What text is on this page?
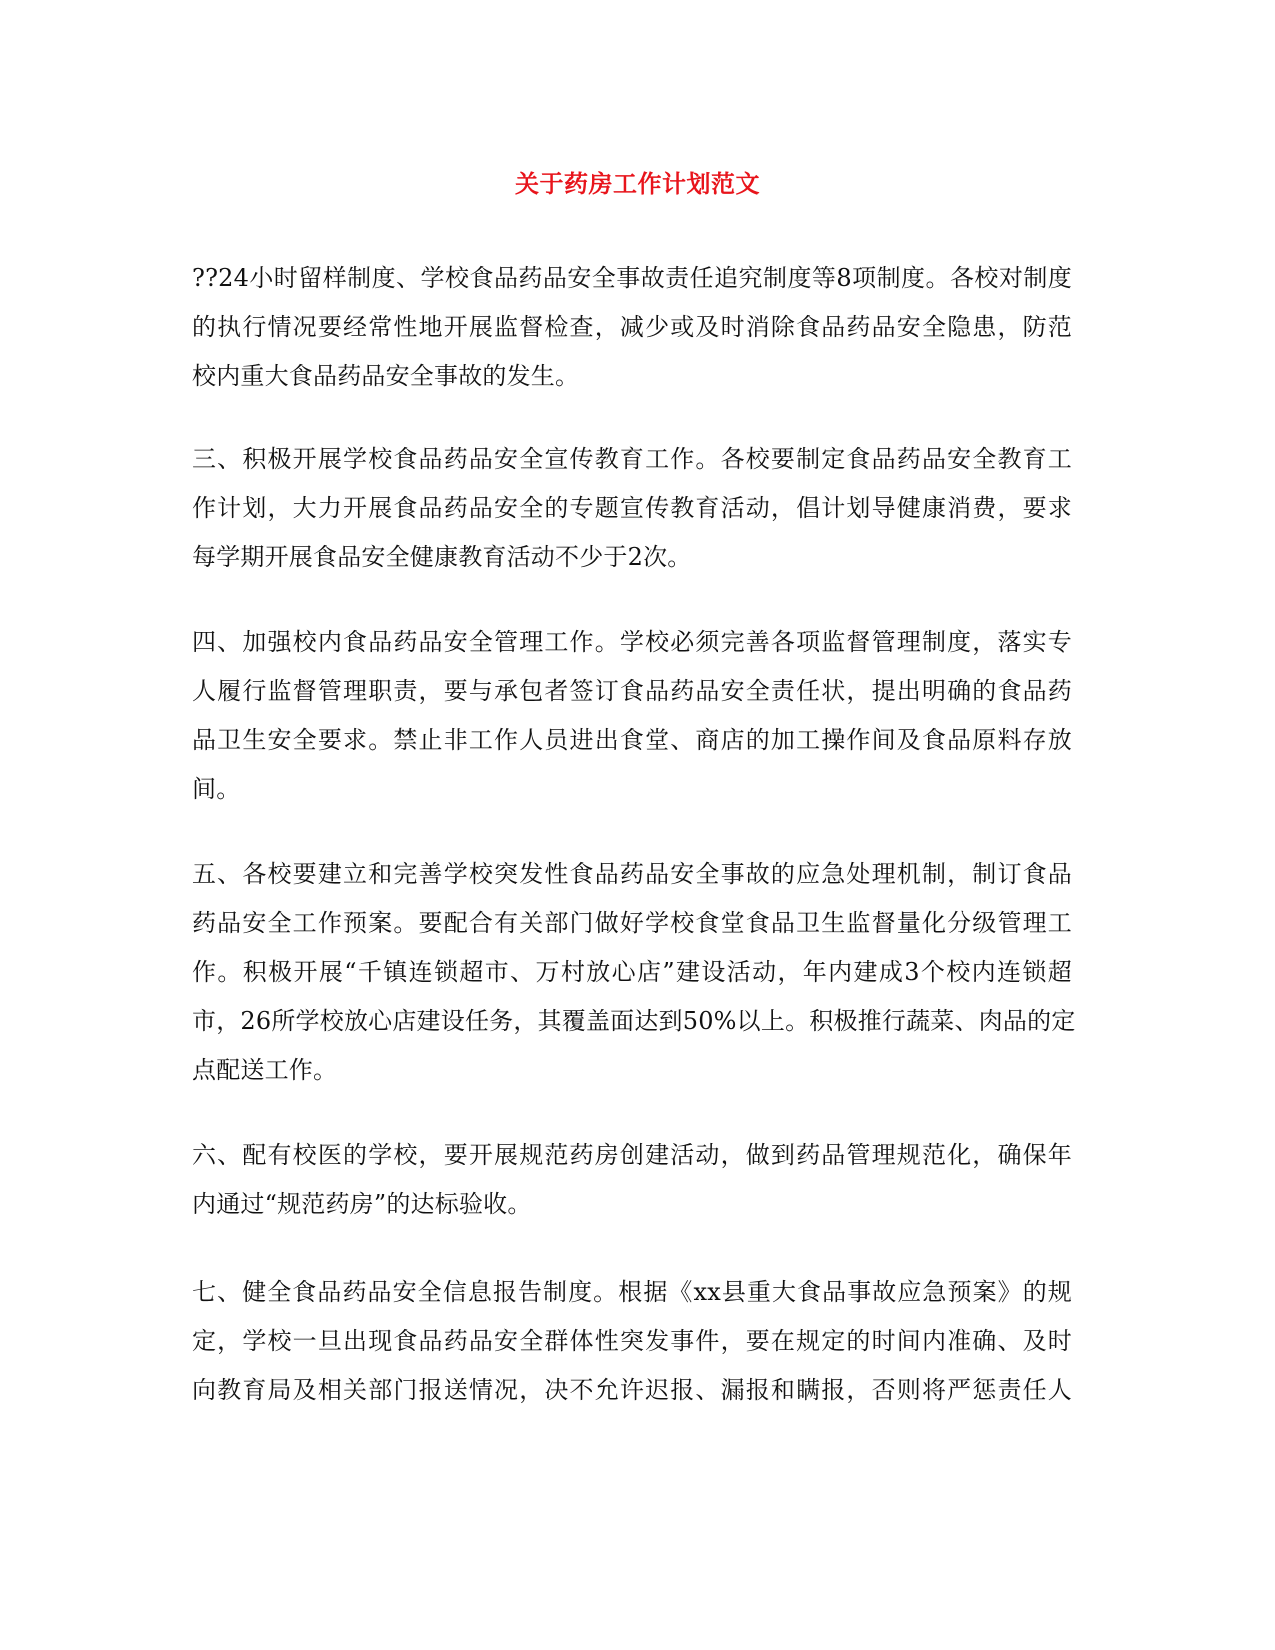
关于药房工作计划范文

??24小时留样制度、学校食品药品安全事故责任追究制度等8项制度。各校对制度
的执行情况要经常性地开展监督检查，减少或及时消除食品药品安全隐患，防范
校内重大食品药品安全事故的发生。

三、积极开展学校食品药品安全宣传教育工作。各校要制定食品药品安全教育工
作计划，大力开展食品药品安全的专题宣传教育活动，倡计划导健康消费，要求
每学期开展食品安全健康教育活动不少于2次。

四、加强校内食品药品安全管理工作。学校必须完善各项监督管理制度，落实专
人履行监督管理职责，要与承包者签订食品药品安全责任状，提出明确的食品药
品卫生安全要求。禁止非工作人员进出食堂、商店的加工操作间及食品原料存放
间。

五、各校要建立和完善学校突发性食品药品安全事故的应急处理机制，制订食品
药品安全工作预案。要配合有关部门做好学校食堂食品卫生监督量化分级管理工
作。积极开展“千镇连锁超市、万村放心店”建设活动，年内建成3个校内连锁超
市，26所学校放心店建设任务，其覆盖面达到50%以上。积极推行蔬菜、肉品的定
点配送工作。

六、配有校医的学校，要开展规范药房创建活动，做到药品管理规范化，确保年
内通过“规范药房”的达标验收。

七、健全食品药品安全信息报告制度。根据《xx县重大食品事故应急预案》的规
定，学校一旦出现食品药品安全群体性突发事件，要在规定的时间内准确、及时
向教育局及相关部门报送情况，决不允许迟报、漏报和瞒报，否则将严惩责任人
